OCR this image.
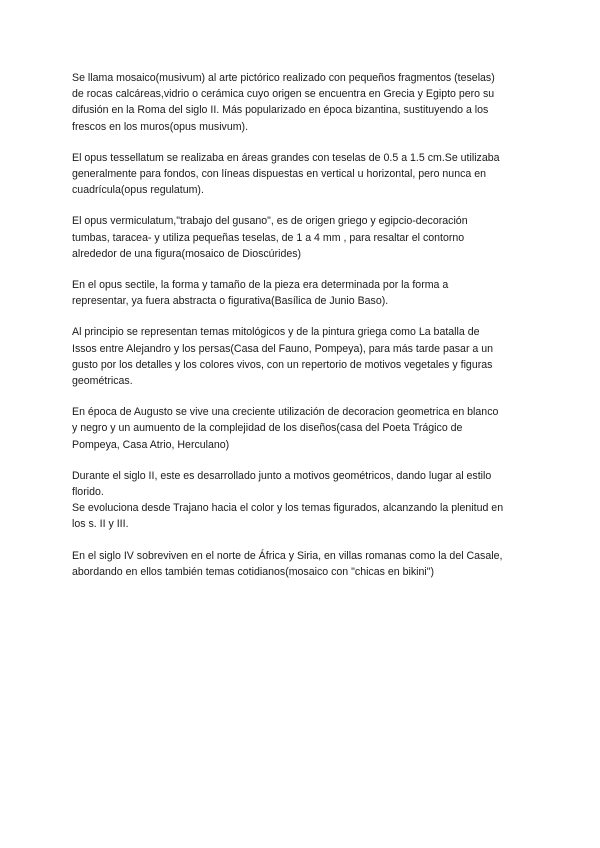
Se llama mosaico(musivum) al arte pictórico realizado con pequeños fragmentos (teselas)
de rocas calcáreas,vidrio o cerámica cuyo origen se encuentra en Grecia y Egipto pero su
difusión en la Roma del siglo II. Más popularizado en época bizantina, sustituyendo a los
frescos en los muros(opus musivum).

El opus tessellatum se realizaba en áreas grandes con teselas de 0.5 a 1.5 cm.Se utilizaba
generalmente para fondos, con líneas dispuestas en vertical u horizontal, pero nunca en
cuadrícula(opus regulatum).

El opus vermiculatum,"trabajo del gusano", es de origen griego y egipcio-decoración
tumbas, taracea- y utiliza pequeñas teselas, de 1 a 4 mm , para resaltar el contorno
alrededor de una figura(mosaico de Dioscúrides)

En el opus sectile, la forma y tamaño de la pieza era determinada por la forma a
representar, ya fuera abstracta o figurativa(Basílica de Junio Baso).

Al principio se representan temas mitológicos y de la pintura griega como La batalla de
Issos entre Alejandro y los persas(Casa del Fauno, Pompeya), para más tarde pasar a un
gusto por los detalles y los colores vivos, con un repertorio de motivos vegetales y figuras
geométricas.

En época de Augusto se vive una creciente utilización de decoracion geometrica en blanco
y negro y un aumuento de la complejidad de los diseños(casa del Poeta Trágico de
Pompeya, Casa Atrio, Herculano)

Durante el siglo II, este es desarrollado junto a motivos geométricos, dando lugar al estilo
florido.
Se evoluciona desde Trajano hacia el color y los temas figurados, alcanzando la plenitud en
los s. II y III.

En el siglo IV sobreviven en el norte de África y Siria, en villas romanas como la del Casale,
abordando en ellos también temas cotidianos(mosaico con "chicas en bikini")
